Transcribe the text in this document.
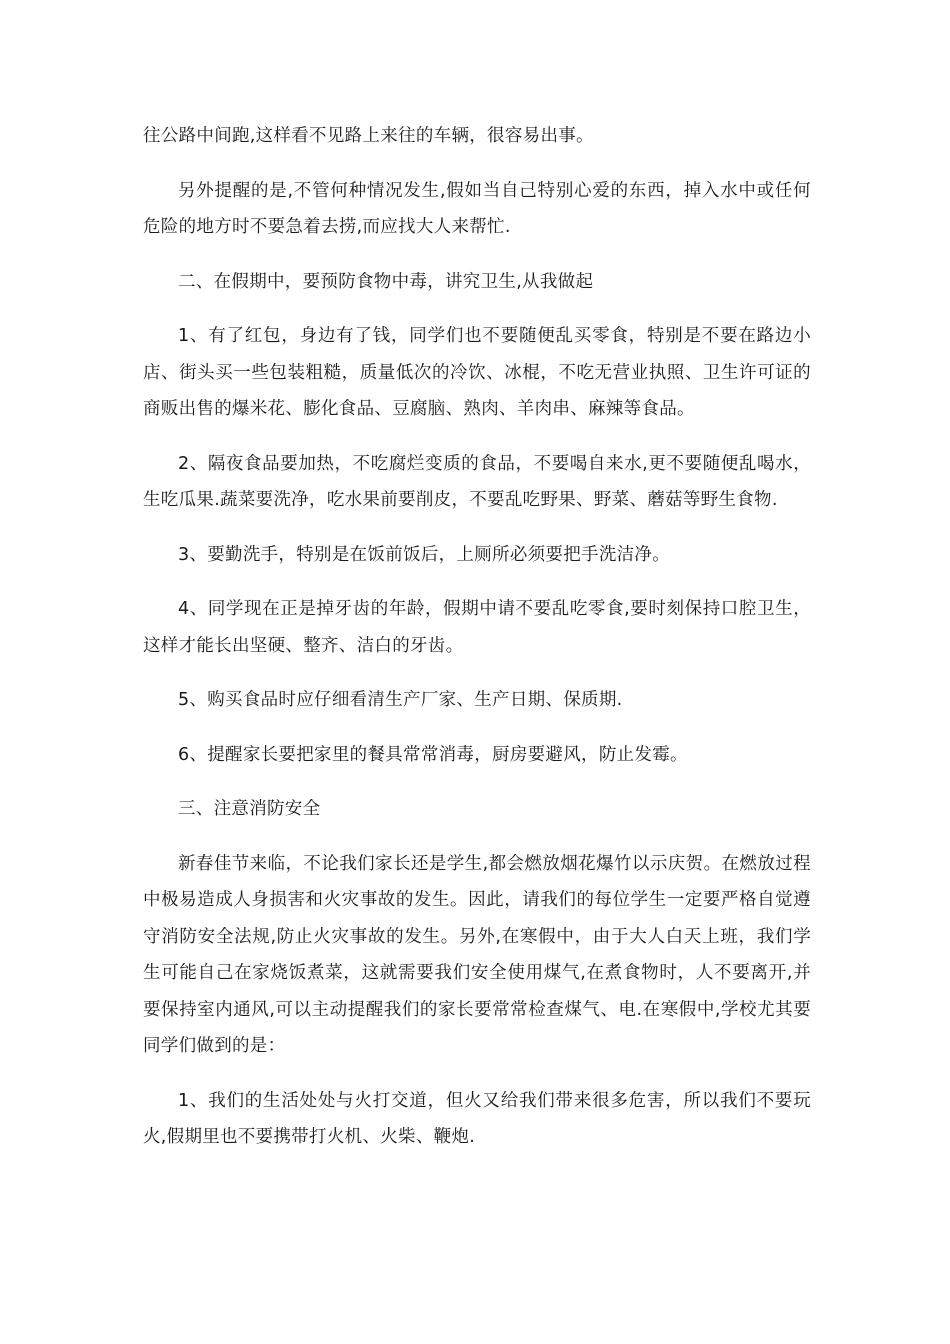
往公路中间跑,这样看不见路上来往的车辆，很容易出事。

另外提醒的是,不管何种情况发生,假如当自己特别心爱的东西，掉入水中或任何危险的地方时不要急着去捞,而应找大人来帮忙.

二、在假期中，要预防食物中毒，讲究卫生,从我做起

1、有了红包，身边有了钱，同学们也不要随便乱买零食，特别是不要在路边小店、街头买一些包装粗糙，质量低次的冷饮、冰棍，不吃无营业执照、卫生许可证的商贩出售的爆米花、膨化食品、豆腐脑、熟肉、羊肉串、麻辣等食品。

2、隔夜食品要加热，不吃腐烂变质的食品，不要喝自来水,更不要随便乱喝水，生吃瓜果.蔬菜要洗净，吃水果前要削皮，不要乱吃野果、野菜、蘑菇等野生食物.

3、要勤洗手，特别是在饭前饭后，上厕所必须要把手洗洁净。

4、同学现在正是掉牙齿的年龄，假期中请不要乱吃零食,要时刻保持口腔卫生，这样才能长出坚硬、整齐、洁白的牙齿。

5、购买食品时应仔细看清生产厂家、生产日期、保质期.

6、提醒家长要把家里的餐具常常消毒，厨房要避风，防止发霉。

三、注意消防安全

新春佳节来临，不论我们家长还是学生,都会燃放烟花爆竹以示庆贺。在燃放过程中极易造成人身损害和火灾事故的发生。因此，请我们的每位学生一定要严格自觉遵守消防安全法规,防止火灾事故的发生。另外,在寒假中，由于大人白天上班，我们学生可能自己在家烧饭煮菜，这就需要我们安全使用煤气,在煮食物时，人不要离开,并要保持室内通风,可以主动提醒我们的家长要常常检查煤气、电.在寒假中,学校尤其要同学们做到的是：

1、我们的生活处处与火打交道，但火又给我们带来很多危害，所以我们不要玩火,假期里也不要携带打火机、火柴、鞭炮.
